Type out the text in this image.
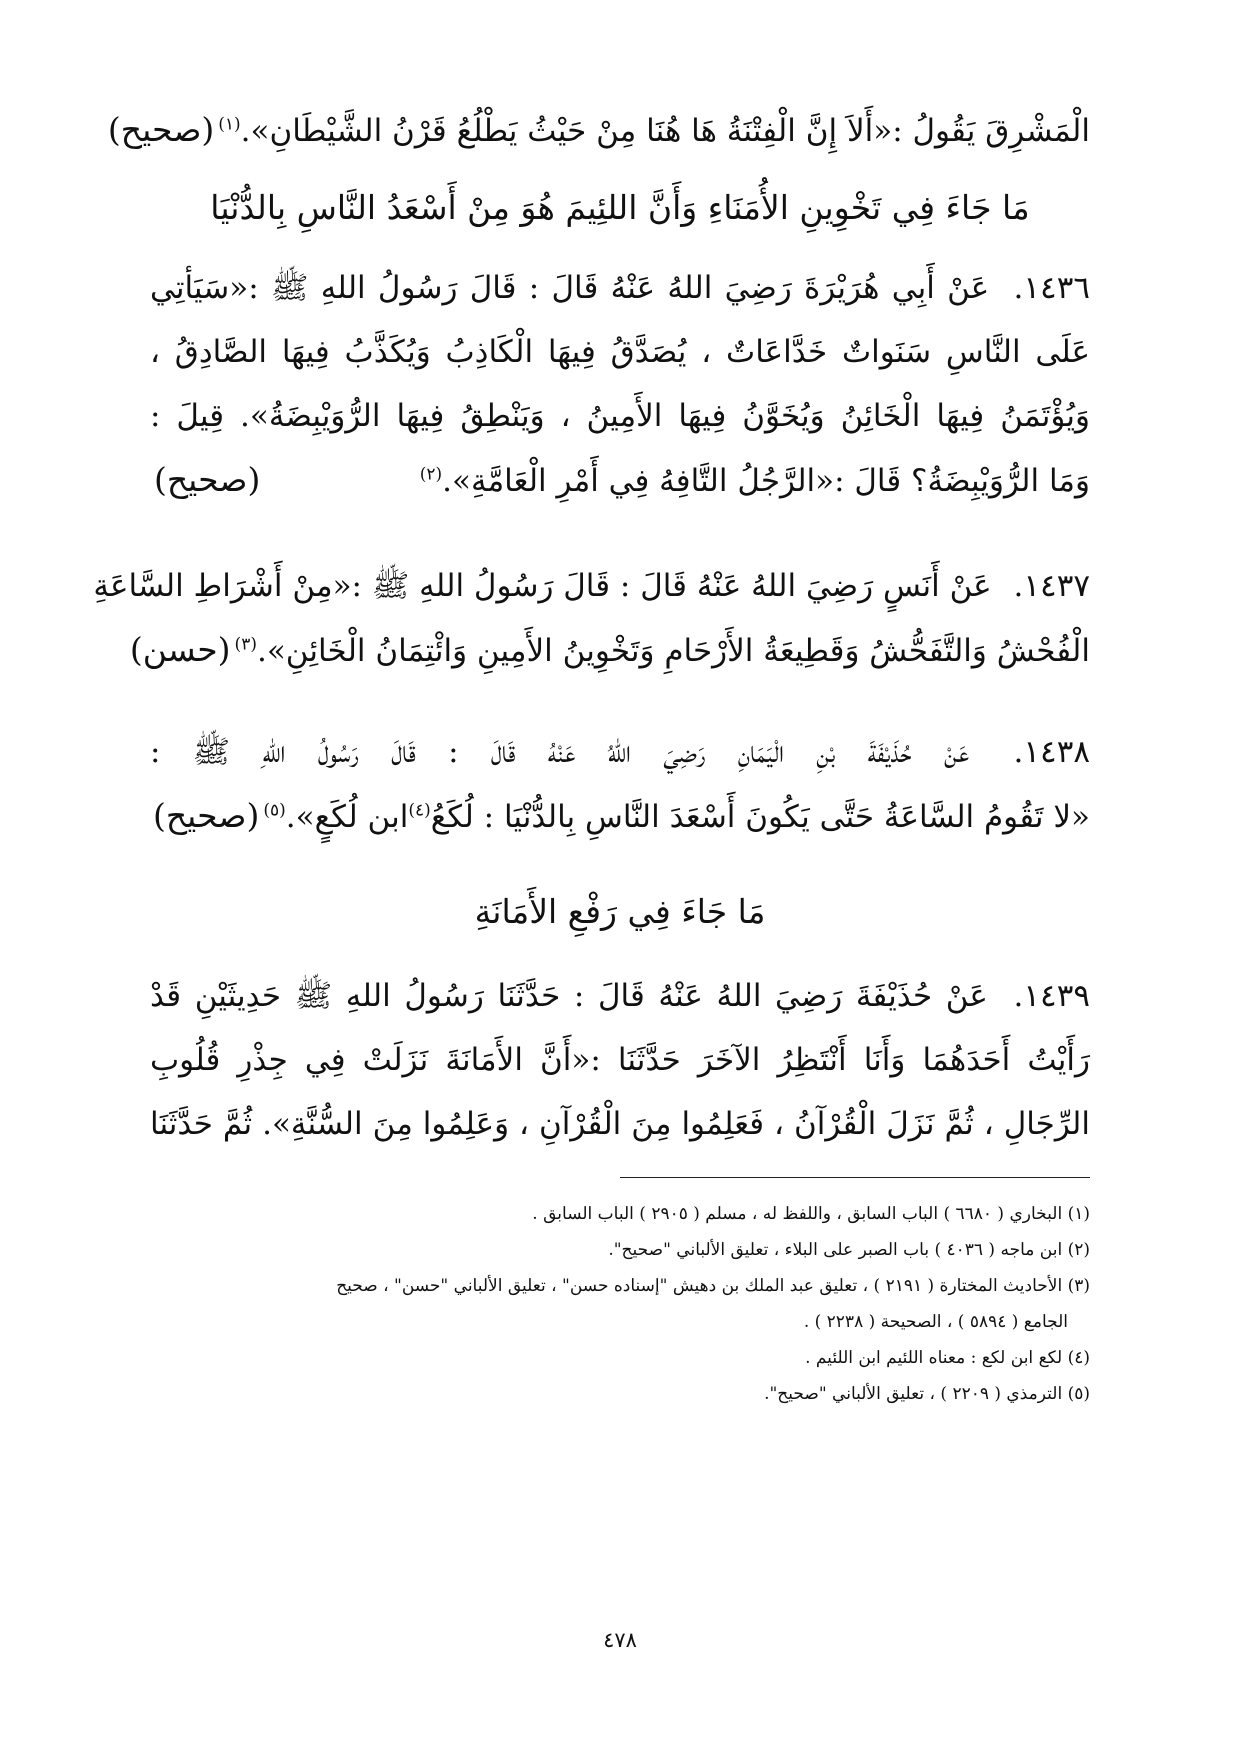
الْمَشْرِقَ يَقُولُ :«أَلاَ إِنَّ الْفِتْنَةُ هَا هُنَا مِنْ حَيْثُ يَطْلُعُ قَرْنُ الشَّيْطَانِ».$^{(١)}$
(صحيح)
مَا جَاءَ فِي تَخْوِينِ الأُمَنَاءِ وَأَنَّ اللئِيمَ هُوَ مِنْ أَسْعَدُ النَّاسِ بِالدُّنْيَا
١٤٣٦. عَنْ أَبِي هُرَيْرَةَ رَضِيَ اللهُ عَنْهُ قَالَ : قَالَ رَسُولُ اللهِ ﷺ :«سَيَأتِي
عَلَى النَّاسِ سَنَواتٌ خَدَّاعَاتٌ ، يُصَدَّقُ فِيهَا الْكَاذِبُ وَيُكَذَّبُ فِيهَا الصَّادِقُ ،
وَيُؤْتَمَنُ فِيهَا الْخَائِنُ وَيُخَوَّنُ فِيهَا الأَمِينُ ، وَيَنْطِقُ فِيهَا الرُّوَيْبِضَةُ». قِيلَ :
وَمَا الرُّوَيْبِضَةُ؟ قَالَ :«الرَّجُلُ التَّافِهُ فِي أَمْرِ الْعَامَّةِ».$^{(٢)}$
(صحيح)
١٤٣٧. عَنْ أَنَسٍ رَضِيَ اللهُ عَنْهُ قَالَ : قَالَ رَسُولُ اللهِ ﷺ :«مِنْ أَشْرَاطِ السَّاعَةِ
الْفُحْشُ وَالتَّفَحُّشُ وَقَطِيعَةُ الأَرْحَامِ وَتَخْوِينُ الأَمِينِ وَائْتِمَانُ الْخَائِنِ».$^{(٣)}$
(حسن)
١٤٣٨. عَنْ حُذَيْفَةَ بْنِ الْيَمَانِ رَضِيَ اللهُ عَنْهُ قَالَ : قَالَ رَسُولُ اللهِ ﷺ :
«لا تَقُومُ السَّاعَةُ حَتَّى يَكُونَ أَسْعَدَ النَّاسِ بِالدُّنْيَا : لُكَعُ$^{(٤)}$ابن لُكَعٍ».$^{(٥)}$
(صحيح)
مَا جَاءَ فِي رَفْعِ الأَمَانَةِ
١٤٣٩. عَنْ حُذَيْفَةَ رَضِيَ اللهُ عَنْهُ قَالَ : حَدَّثَنَا رَسُولُ اللهِ ﷺ حَدِيثَيْنِ قَدْ
رَأَيْتُ أَحَدَهُمَا وَأَنَا أَنْتَظِرُ الآخَرَ حَدَّثَنَا :«أَنَّ الأَمَانَةَ نَزَلَتْ فِي جِذْرِ قُلُوبِ
الرِّجَالِ ، ثُمَّ نَزَلَ الْقُرْآنُ ، فَعَلِمُوا مِنَ الْقُرْآنِ ، وَعَلِمُوا مِنَ السُّنَّةِ». ثُمَّ حَدَّثَنَا
(١) البخاري ( ٦٦٨٠ ) الباب السابق ، واللفظ له ، مسلم ( ٢٩٠٥ ) الباب السابق .
(٢) ابن ماجه ( ٤٠٣٦ ) باب الصبر على البلاء ، تعليق الألباني "صحيح".
(٣) الأحاديث المختارة ( ٢١٩١ ) ، تعليق عبد الملك بن دهيش "إسناده حسن" ، تعليق الألباني "حسن" ، صحيح
الجامع ( ٥٨٩٤ ) ، الصحيحة ( ٢٢٣٨ ) .
(٤) لكع ابن لكع : معناه اللئيم ابن اللئيم .
(٥) الترمذي ( ٢٢٠٩ ) ، تعليق الألباني "صحيح".
٤٧٨
